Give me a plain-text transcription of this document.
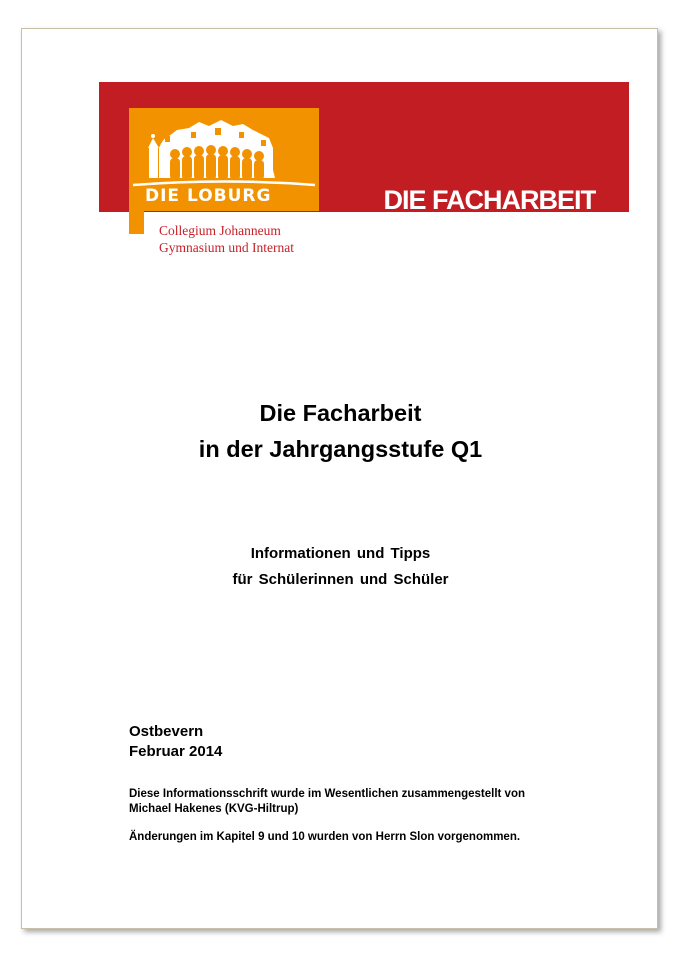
DIE FACHARBEIT
DIE LOBURG
Collegium Johanneum
Gymnasium und Internat
Die Facharbeit
in der Jahrgangsstufe Q1
Informationen und Tipps
für Schülerinnen und Schüler
Ostbevern
Februar 2014

Diese Informationsschrift wurde im Wesentlichen zusammengestellt von

Michael Hakenes (KVG-Hiltrup)

Änderungen im Kapitel 9 und 10 wurden von Herrn Slon vorgenommen.
